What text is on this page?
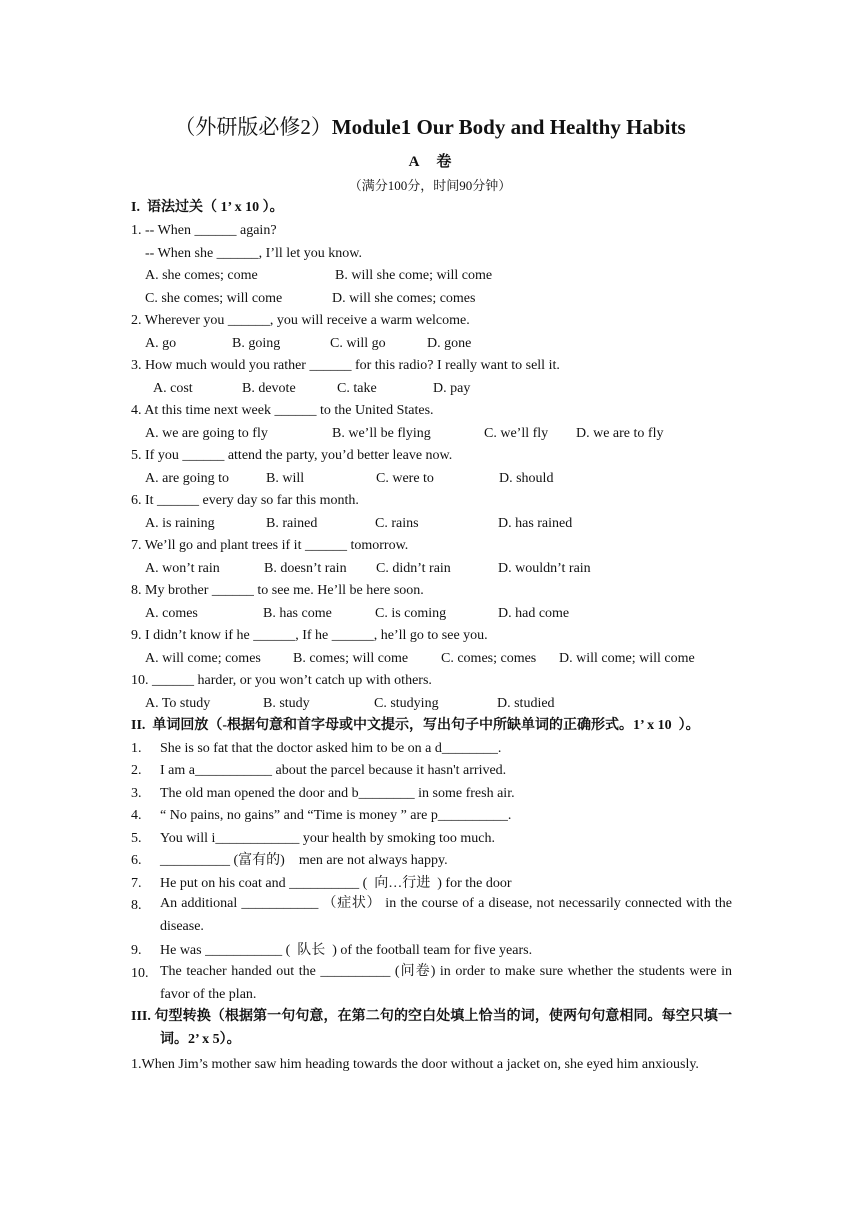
（外研版必修2）Module1 Our Body and Healthy Habits
A 卷
（满分100分，时间90分钟）
I.  语法过关（ 1’ x 10 ）。
1. -- When ______ again?
-- When she ______, I’ll let you know.
A. she comes; come	B. will she come; will come
C. she comes; will come	D. will she comes; comes
2. Wherever you ______, you will receive a warm welcome.
A. go	B. going	C. will go	D. gone
3. How much would you rather ______ for this radio? I really want to sell it.
A. cost	B. devote	C. take	D. pay
4. At this time next week ______ to the United States.
A. we are going to fly	B. we’ll be flying	C. we’ll fly D. we are to fly
5. If you ______ attend the party, you’d better leave now.
A. are going to	B. will	C. were to	D. should
6. It ______ every day so far this month.
A. is raining	B. rained	C. rains	D. has rained
7. We’ll go and plant trees if it ______ tomorrow.
A. won’t rain	B. doesn’t rain C. didn’t rain	D. wouldn’t rain
8. My brother ______ to see me. He’ll be here soon.
A. comes	B. has come	C. is coming	D. had come
9. I didn’t know if he ______, If he ______, he’ll go to see you.
A. will come; comes B. comes; will come C. comes; comes D. will come; will come
10. ______ harder, or you won’t catch up with others.
A. To study	B. study	C. studying	D. studied
II.  单词回放（-根据句意和首字母或中文提示，写出句子中所缺单词的正确形式。1’ x 10  ）。
1. She is so fat that the doctor asked him to be on a d________.
2. I am a___________ about the parcel because it hasn't arrived.
3. The old man opened the door and b________ in some fresh air.
4. “ No pains, no gains” and “Time is money ” are p__________.
5. You will i____________ your health by smoking too much.
6. __________ (富有的)    men are not always happy.
7. He put on his coat and __________ (  向…行进  ) for the door
8. An additional ___________ （症状） in the course of a disease, not necessarily connected with the disease.
9. He was ___________ (  队长  ) of the football team for five years.
10. The teacher handed out the __________ (问卷) in order to make sure whether the students were in favor of the plan.
III. 句型转换（根据第一句句意，在第二句的空白处填上恰当的词，使两句句意相同。每空只填一词。2’ x 5）。
1.When Jim’s mother saw him heading towards the door without a jacket on, she eyed him anxiously.
